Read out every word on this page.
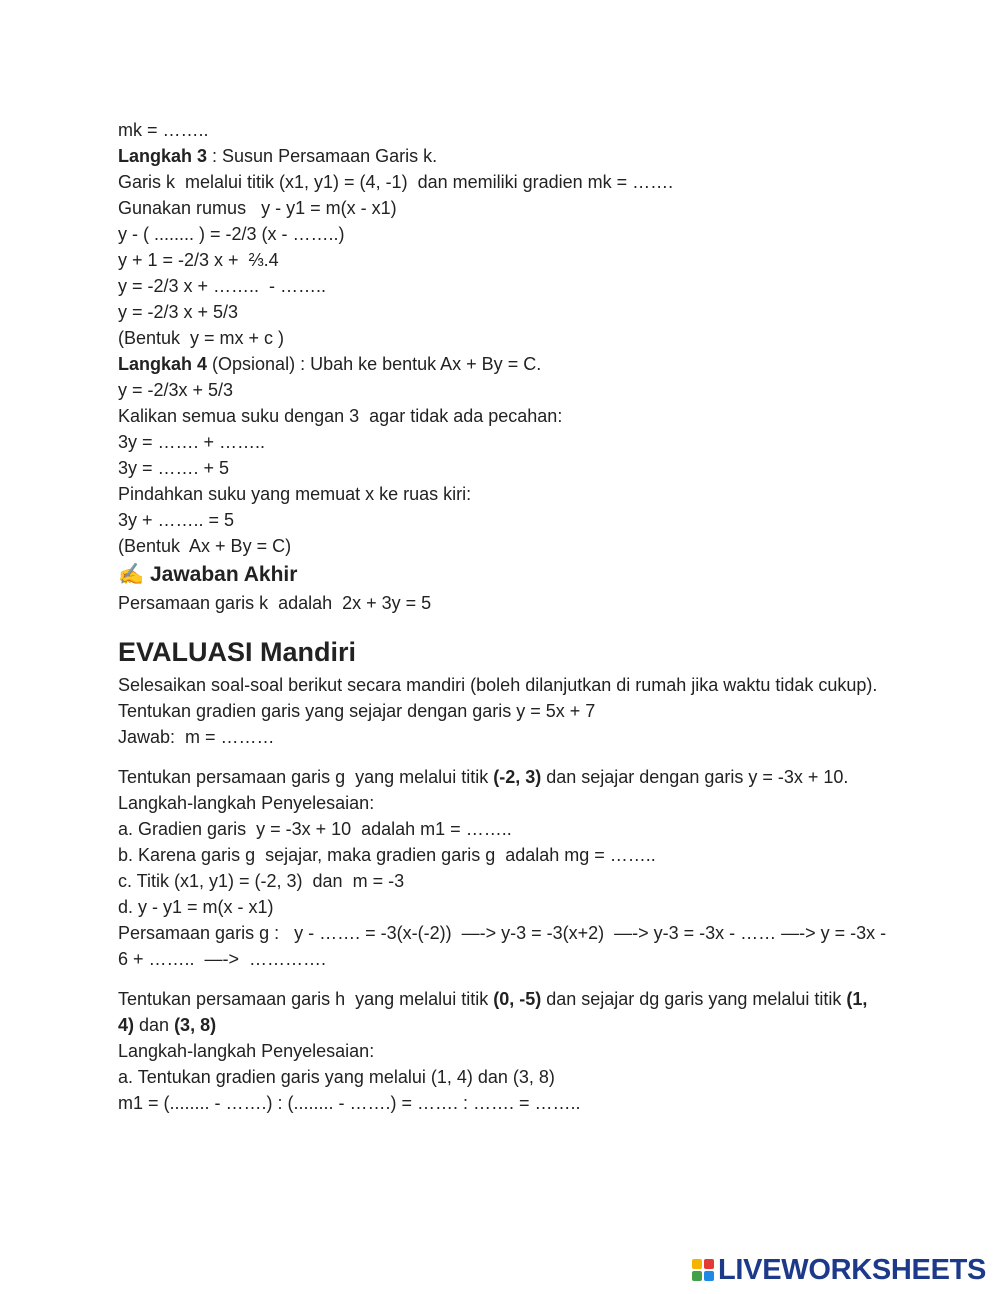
mk = ……..
Langkah 3 : Susun Persamaan Garis k.
Garis k  melalui titik (x1, y1) = (4, -1)  dan memiliki gradien mk = …….
Gunakan rumus   y - y1 = m(x - x1)
y - ( ........ ) = -2/3 (x - ……..)
y + 1 = -2/3 x +  ⅔.4
y = -2/3 x + ……..  - ……..
y = -2/3 x + 5/3
(Bentuk  y = mx + c )
Langkah 4 (Opsional) : Ubah ke bentuk Ax + By = C.
y = -2/3x + 5/3
Kalikan semua suku dengan 3  agar tidak ada pecahan:
3y = ……. + ……..
3y = ……. + 5
Pindahkan suku yang memuat x ke ruas kiri:
3y + …….. = 5
(Bentuk  Ax + By = C)
✍️ Jawaban Akhir
Persamaan garis k  adalah  2x + 3y = 5
EVALUASI Mandiri
Selesaikan soal-soal berikut secara mandiri (boleh dilanjutkan di rumah jika waktu tidak cukup).
Tentukan gradien garis yang sejajar dengan garis y = 5x + 7
Jawab:  m = ………
Tentukan persamaan garis g  yang melalui titik (-2, 3) dan sejajar dengan garis y = -3x + 10.
Langkah-langkah Penyelesaian:
a. Gradien garis  y = -3x + 10  adalah m1 = ……..
b. Karena garis g  sejajar, maka gradien garis g  adalah mg = ……..
c. Titik (x1, y1) = (-2, 3)  dan  m = -3
d. y - y1 = m(x - x1)
Persamaan garis g :   y - ……. = -3(x-(-2))  —-> y-3 = -3(x+2)  —-> y-3 = -3x - …… —-> y = -3x - 6 + ……..  —->  ………….
Tentukan persamaan garis h  yang melalui titik (0, -5) dan sejajar dg garis yang melalui titik (1, 4) dan (3, 8)
Langkah-langkah Penyelesaian:
a. Tentukan gradien garis yang melalui (1, 4) dan (3, 8)
m1 = (........ - …….) : (........ - …….) = ……. : ……. = ……..
LIVEWORKSHEETS
